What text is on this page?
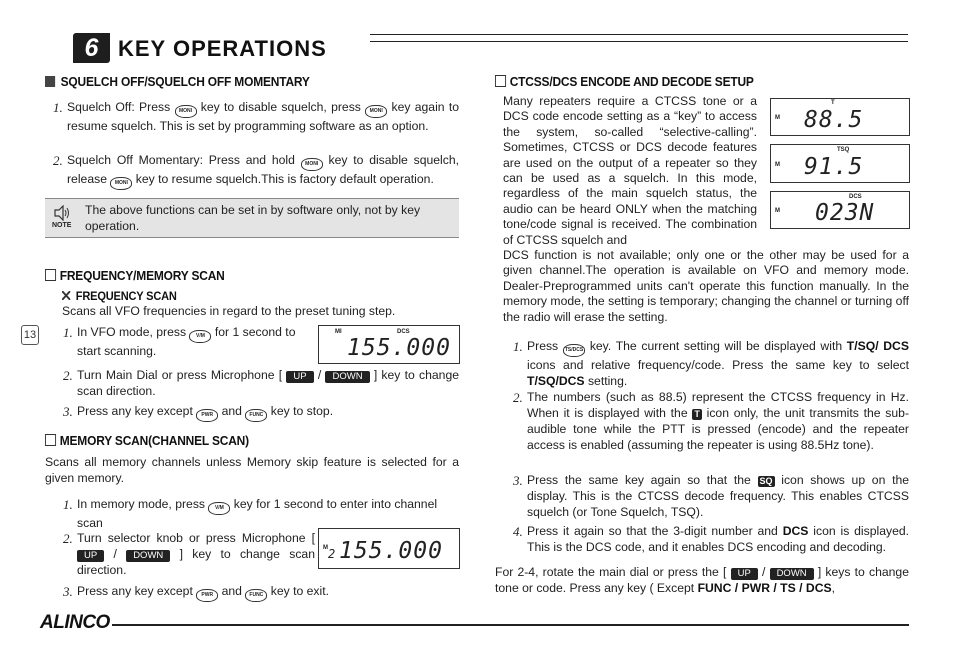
6 KEY OPERATIONS
SQUELCH OFF/SQUELCH OFF MOMENTARY
1. Squelch Off: Press MONI key to disable squelch, press MONI key again to resume squelch. This is set by programming software as an option.
2. Squelch Off Momentary: Press and hold MONI key to disable squelch, release MONI key to resume squelch.This is factory default operation.
NOTE
The above functions can be set in by software only, not by key operation.
FREQUENCY/MEMORY SCAN
FREQUENCY SCAN
Scans all VFO frequencies in regard to the preset tuning step.
1. In VFO mode, press V/M for 1 second to start scanning.
MI	DCS
155.000
2. Turn Main Dial or press Microphone [ UP / DOWN ] key to change scan direction.
3. Press any key except PWR and FUNC key to stop.
MEMORY SCAN(CHANNEL SCAN)
Scans all memory channels unless Memory skip feature is selected for a given memory.
1. In memory mode, press V/M key for 1 second to enter into channel scan
2. Turn selector knob or press Microphone [ UP / DOWN ] key to change scan direction.
M 2 155.000
3. Press any key except PWR and FUNC key to exit.
CTCSS/DCS ENCODE AND DECODE SETUP
Many repeaters require a CTCSS tone or a DCS code encode setting as a “key” to access the system, so-called “selective-calling”. Sometimes, CTCSS or DCS decode features are used on the output of a repeater so they can be used as a squelch. In this mode, regardless of the main squelch status, the audio can be heard ONLY when the matching tone/code signal is received. The combination of CTCSS squelch and
DCS function is not available; only one or the other may be used for a given channel.The operation is available on VFO and memory mode. Dealer-Preprogrammed units can't operate this function manually. In the memory mode, the setting is temporary; changing the channel or turning off the radio will erase the setting.
M
T
88.5
M
TSQ
91.5
M
DCS
023N
1. Press TS/DCS key. The current setting will be displayed with T/SQ/ DCS icons and relative frequency/code. Press the same key to select T/SQ/DCS setting.
2. The numbers (such as 88.5) represent the CTCSS frequency in Hz. When it is displayed with the T icon only, the unit transmits the sub-audible tone while the PTT is pressed (encode) and the repeater access is enabled (assuming the repeater is using 88.5Hz tone).
3. Press the same key again so that the SQ icon shows up on the display. This is the CTCSS decode frequency. This enables CTCSS squelch (or Tone Squelch, TSQ).
4. Press it again so that the 3-digit number and DCS icon is displayed. This is the DCS code, and it enables DCS encoding and decoding.
For 2-4, rotate the main dial or press the [ UP / DOWN ] keys to change tone or code. Press any key ( Except FUNC / PWR / TS / DCS,
13
ALINCO
